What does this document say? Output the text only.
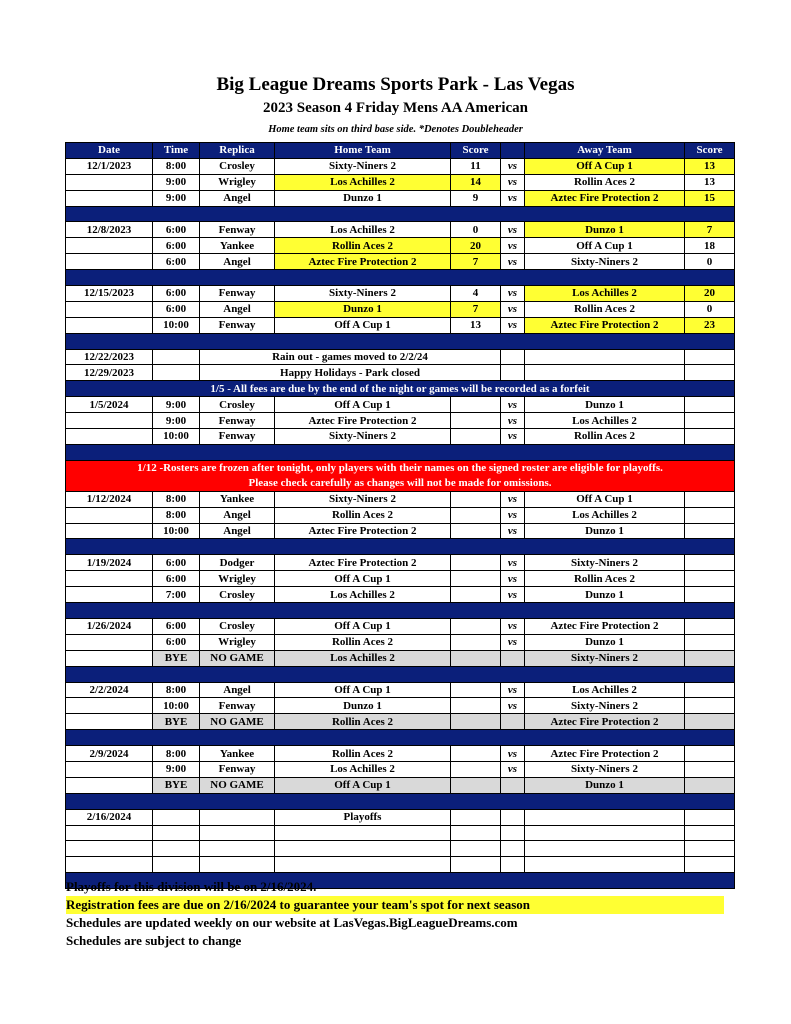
Big League Dreams Sports Park - Las Vegas
2023 Season 4 Friday Mens AA American
Home team sits on third base side. *Denotes Doubleheader
Date	Time	Replica	Home Team	Score		Away Team	Score
12/1/2023	8:00	Crosley	Sixty-Niners 2	11	vs	Off A Cup 1	13
	9:00	Wrigley	Los Achilles 2	14	vs	Rollin Aces 2	13
	9:00	Angel	Dunzo 1	9	vs	Aztec Fire Protection 2	15

12/8/2023	6:00	Fenway	Los Achilles 2	0	vs	Dunzo 1	7
	6:00	Yankee	Rollin Aces 2	20	vs	Off A Cup 1	18
	6:00	Angel	Aztec Fire Protection 2	7	vs	Sixty-Niners 2	0

12/15/2023	6:00	Fenway	Sixty-Niners 2	4	vs	Los Achilles 2	20
	6:00	Angel	Dunzo 1	7	vs	Rollin Aces 2	0
	10:00	Fenway	Off A Cup 1	13	vs	Aztec Fire Protection 2	23

12/22/2023		Rain out - games moved to 2/2/24					
12/29/2023		Happy Holidays - Park closed					
1/5 - All fees are due by the end of the night or games will be recorded as a forfeit							
1/5/2024	9:00	Crosley	Off A Cup 1		vs	Dunzo 1	
	9:00	Fenway	Aztec Fire Protection 2		vs	Los Achilles 2	
	10:00	Fenway	Sixty-Niners 2		vs	Rollin Aces 2	

1/12 -Rosters are frozen after tonight, only players with their names on the signed roster are eligible for playoffs.
Please check carefully as changes will not be made for omissions.							

1/12/2024	8:00	Yankee	Sixty-Niners 2		vs	Off A Cup 1	
	8:00	Angel	Rollin Aces 2		vs	Los Achilles 2	
	10:00	Angel	Aztec Fire Protection 2		vs	Dunzo 1	

1/19/2024	6:00	Dodger	Aztec Fire Protection 2		vs	Sixty-Niners 2	
	6:00	Wrigley	Off A Cup 1		vs	Rollin Aces 2	
	7:00	Crosley	Los Achilles 2		vs	Dunzo 1	

1/26/2024	6:00	Crosley	Off A Cup 1		vs	Aztec Fire Protection 2	
	6:00	Wrigley	Rollin Aces 2		vs	Dunzo 1	
	BYE	NO GAME	Los Achilles 2			Sixty-Niners 2	

2/2/2024	8:00	Angel	Off A Cup 1		vs	Los Achilles 2	
	10:00	Fenway	Dunzo 1		vs	Sixty-Niners 2	
	BYE	NO GAME	Rollin Aces 2			Aztec Fire Protection 2	

2/9/2024	8:00	Yankee	Rollin Aces 2		vs	Aztec Fire Protection 2	
	9:00	Fenway	Los Achilles 2		vs	Sixty-Niners 2	
	BYE	NO GAME	Off A Cup 1			Dunzo 1	

2/16/2024			Playoffs				

Playoffs for this division will be on 2/16/2024.
Registration fees are due on 2/16/2024 to guarantee your team's spot for next season
Schedules are updated weekly on our website at LasVegas.BigLeagueDreams.com
Schedules are subject to change
